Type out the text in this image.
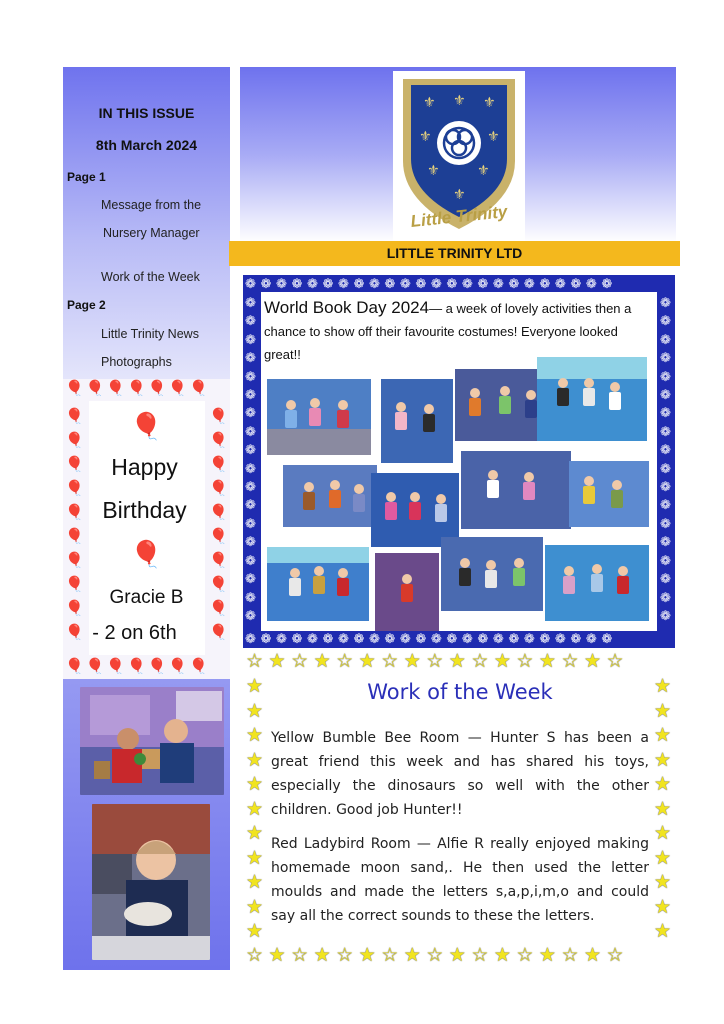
IN THIS ISSUE
8th March 2024
Page 1
Message from the
Nursery Manager
Work of the Week
Page 2
Little Trinity News
Photographs
🎈🎈🎈🎈🎈🎈🎈
🎈🎈🎈🎈🎈🎈🎈
🎈
🎈
🎈
🎈
🎈
🎈
🎈
🎈
🎈
🎈
🎈
🎈
🎈
🎈
🎈
🎈
🎈
🎈
🎈
🎈
🎈
Happy
Birthday
🎈
Gracie B
- 2 on 6th
⚜ ⚜ ⚜
⚜	⚜
⚜	⚜
⚜
Little Trinity
LITTLE TRINITY LTD
❁❁❁❁❁❁❁❁❁❁❁❁❁❁❁❁❁❁❁❁❁❁❁❁
❁❁❁❁❁❁❁❁❁❁❁❁❁❁❁❁❁❁❁❁❁❁❁❁
❁
❁
❁
❁
❁
❁
❁
❁
❁
❁
❁
❁
❁
❁
❁
❁
❁
❁
❁
❁
❁
❁
❁
❁
❁
❁
❁
❁
❁
❁
❁
❁
❁
❁
❁
❁
World Book Day 2024— a week of lovely activities then a chance to show off their favourite costumes! Everyone looked great!!
☆★☆★☆★☆★☆★☆★☆★☆★☆
☆★☆★☆★☆★☆★☆★☆★☆★☆
★
★
★
★
★
★
★
★
★
★
★
★
★
★
★
★
★
★
★
★
★
★
Work of the Week
Yellow Bumble Bee Room — Hunter S has been a great friend this week and has shared his toys, especially the dinosaurs so well with the other children. Good job Hunter!!
Red Ladybird Room — Alfie R really enjoyed making homemade moon sand,. He then used the letter moulds and made the letters s,a,p,i,m,o and could say all the correct sounds to these the letters.
